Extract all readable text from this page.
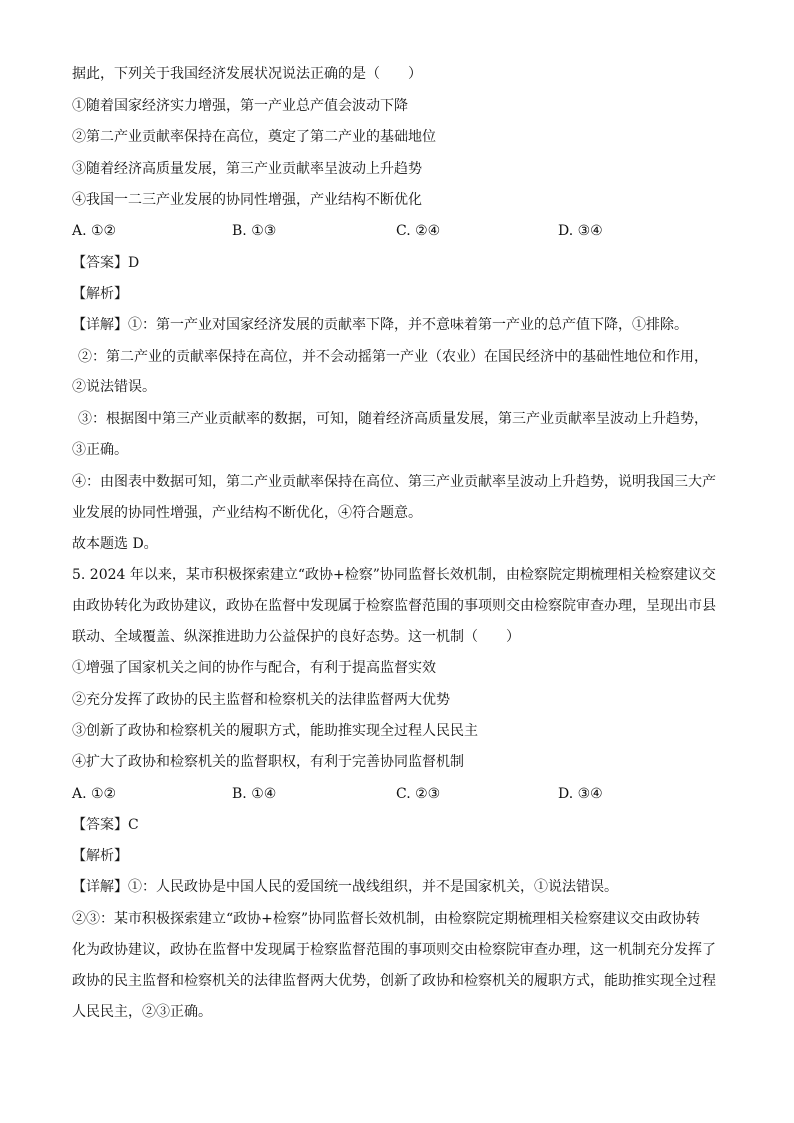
据此，下列关于我国经济发展状况说法正确的是（　　）
①随着国家经济实力增强，第一产业总产值会波动下降
②第二产业贡献率保持在高位，奠定了第二产业的基础地位
③随着经济高质量发展，第三产业贡献率呈波动上升趋势
④我国一二三产业发展的协同性增强，产业结构不断优化
A. ①②	B. ①③	C. ②④	D. ③④
【答案】D
【解析】
【详解】①：第一产业对国家经济发展的贡献率下降，并不意味着第一产业的总产值下降，①排除。
②：第二产业的贡献率保持在高位，并不会动摇第一产业（农业）在国民经济中的基础性地位和作用，
②说法错误。
③：根据图中第三产业贡献率的数据，可知，随着经济高质量发展，第三产业贡献率呈波动上升趋势，
③正确。
④：由图表中数据可知，第二产业贡献率保持在高位、第三产业贡献率呈波动上升趋势，说明我国三大产
业发展的协同性增强，产业结构不断优化，④符合题意。
故本题选 D。
5. 2024 年以来，某市积极探索建立“政协+检察”协同监督长效机制，由检察院定期梳理相关检察建议交
由政协转化为政协建议，政协在监督中发现属于检察监督范围的事项则交由检察院审查办理，呈现出市县
联动、全域覆盖、纵深推进助力公益保护的良好态势。这一机制（　　）
①增强了国家机关之间的协作与配合，有利于提高监督实效
②充分发挥了政协的民主监督和检察机关的法律监督两大优势
③创新了政协和检察机关的履职方式，能助推实现全过程人民民主
④扩大了政协和检察机关的监督职权，有利于完善协同监督机制
A. ①②	B. ①④	C. ②③	D. ③④
【答案】C
【解析】
【详解】①：人民政协是中国人民的爱国统一战线组织，并不是国家机关，①说法错误。
②③：某市积极探索建立“政协+检察”协同监督长效机制，由检察院定期梳理相关检察建议交由政协转
化为政协建议，政协在监督中发现属于检察监督范围的事项则交由检察院审查办理，这一机制充分发挥了
政协的民主监督和检察机关的法律监督两大优势，创新了政协和检察机关的履职方式，能助推实现全过程
人民民主，②③正确。
